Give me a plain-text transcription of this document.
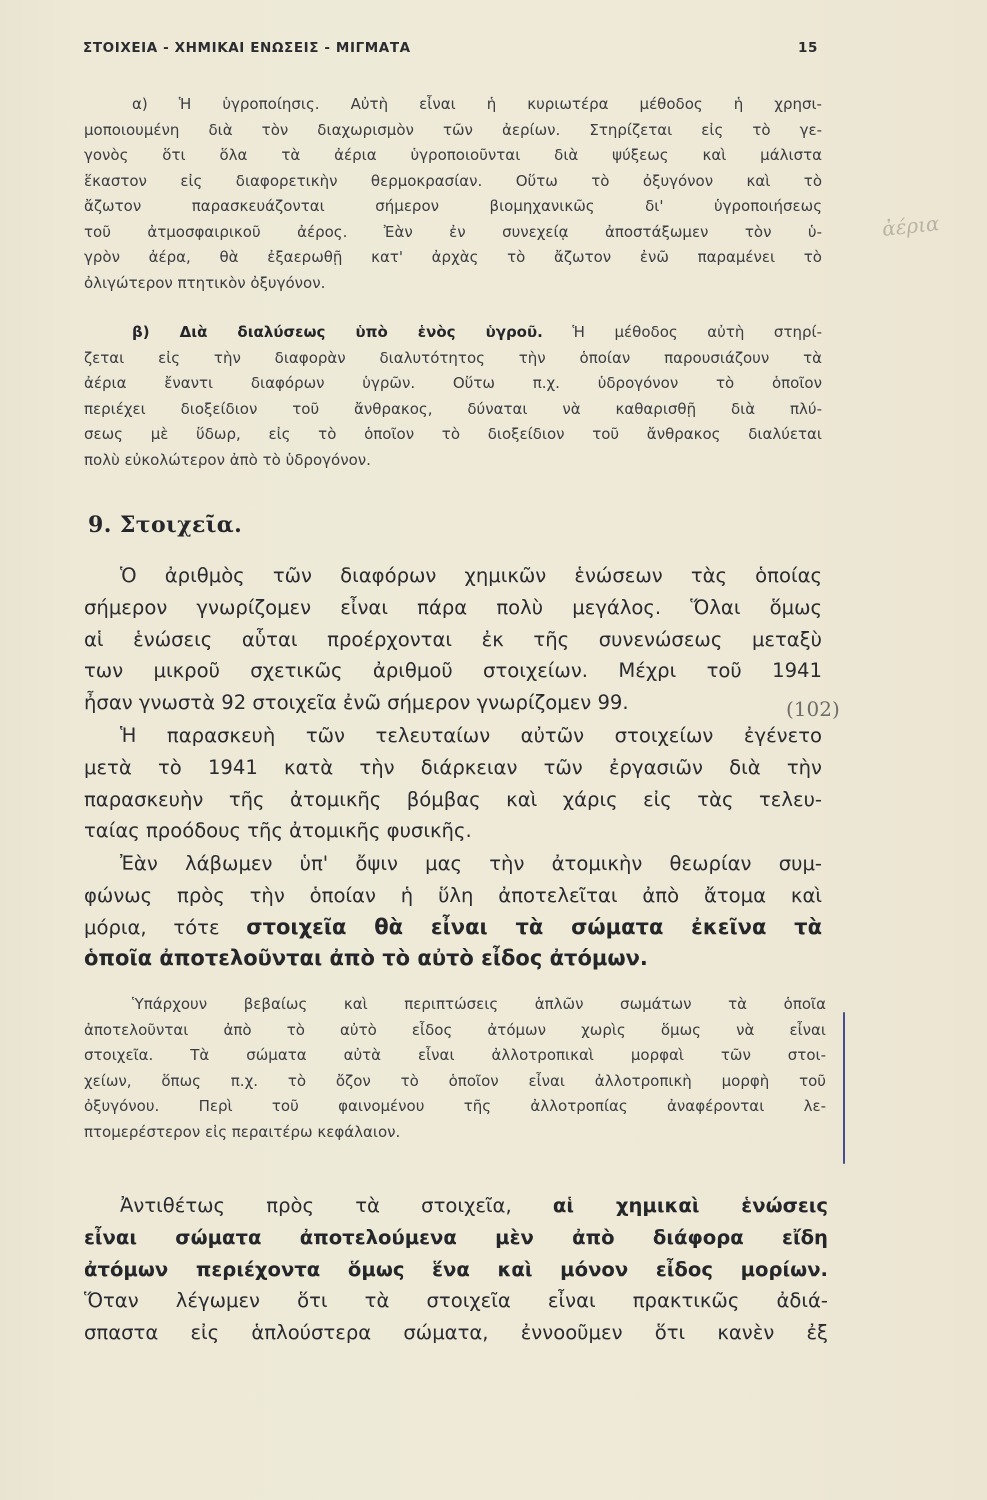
ΣΤΟΙΧΕΙΑ - ΧΗΜΙΚΑΙ ΕΝΩΣΕΙΣ - ΜΙΓΜΑΤΑ	15
α) Ἡ ὑγροποίησις. Αὐτὴ εἶναι ἡ κυριωτέρα μέθοδος ἡ χρησι-
μοποιουμένη διὰ τὸν διαχωρισμὸν τῶν ἀερίων. Στηρίζεται εἰς τὸ γε-
γονὸς ὅτι ὅλα τὰ ἀέρια ὑγροποιοῦνται διὰ ψύξεως καὶ μάλιστα
ἕκαστον εἰς διαφορετικὴν θερμοκρασίαν. Οὕτω τὸ ὀξυγόνον καὶ τὸ
ἄζωτον παρασκευάζονται σήμερον βιομηχανικῶς δι' ὑγροποιήσεως
τοῦ ἀτμοσφαιρικοῦ ἀέρος. Ἐὰν ἐν συνεχείᾳ ἀποστάξωμεν τὸν ὑ-
γρὸν ἀέρα, θὰ ἐξαερωθῇ κατ' ἀρχὰς τὸ ἄζωτον ἐνῶ παραμένει τὸ
ὀλιγώτερον πτητικὸν ὀξυγόνον.
β) Διὰ διαλύσεως ὑπὸ ἑνὸς ὑγροῦ. Ἡ μέθοδος αὐτὴ στηρί-
ζεται εἰς τὴν διαφορὰν διαλυτότητος τὴν ὁποίαν παρουσιάζουν τὰ
ἀέρια ἔναντι διαφόρων ὑγρῶν. Οὕτω π.χ. ὑδρογόνον τὸ ὁποῖον
περιέχει διοξείδιον τοῦ ἄνθρακος, δύναται νὰ καθαρισθῇ διὰ πλύ-
σεως μὲ ὕδωρ, εἰς τὸ ὁποῖον τὸ διοξείδιον τοῦ ἄνθρακος διαλύεται
πολὺ εὐκολώτερον ἀπὸ τὸ ὑδρογόνον.
9. Στοιχεῖα.
Ὁ ἀριθμὸς τῶν διαφόρων χημικῶν ἑνώσεων τὰς ὁποίας
σήμερον γνωρίζομεν εἶναι πάρα πολὺ μεγάλος. Ὅλαι ὅμως
αἱ ἑνώσεις αὗται προέρχονται ἐκ τῆς συνενώσεως μεταξὺ
των μικροῦ σχετικῶς ἀριθμοῦ στοιχείων. Μέχρι τοῦ 1941
ἦσαν γνωστὰ 92 στοιχεῖα ἐνῶ σήμερον γνωρίζομεν 99.
Ἡ παρασκευὴ τῶν τελευταίων αὐτῶν στοιχείων ἐγένετο
μετὰ τὸ 1941 κατὰ τὴν διάρκειαν τῶν ἐργασιῶν διὰ τὴν
παρασκευὴν τῆς ἀτομικῆς βόμβας καὶ χάρις εἰς τὰς τελευ-
ταίας προόδους τῆς ἀτομικῆς φυσικῆς.
Ἐὰν λάβωμεν ὑπ' ὄψιν μας τὴν ἀτομικὴν θεωρίαν συμ-
φώνως πρὸς τὴν ὁποίαν ἡ ὕλη ἀποτελεῖται ἀπὸ ἄτομα καὶ
μόρια, τότε στοιχεῖα θὰ εἶναι τὰ σώματα ἐκεῖνα τὰ
ὁποῖα ἀποτελοῦνται ἀπὸ τὸ αὐτὸ εἶδος ἀτόμων.
Ὑπάρχουν βεβαίως καὶ περιπτώσεις ἁπλῶν σωμάτων τὰ ὁποῖα
ἀποτελοῦνται ἀπὸ τὸ αὐτὸ εἶδος ἀτόμων χωρὶς ὅμως νὰ εἶναι
στοιχεῖα. Τὰ σώματα αὐτὰ εἶναι ἀλλοτροπικαὶ μορφαὶ τῶν στοι-
χείων, ὅπως π.χ. τὸ ὄζον τὸ ὁποῖον εἶναι ἀλλοτροπικὴ μορφὴ τοῦ
ὀξυγόνου. Περὶ τοῦ φαινομένου τῆς ἀλλοτροπίας ἀναφέρονται λε-
πτομερέστερον εἰς περαιτέρω κεφάλαιον.
Ἀντιθέτως πρὸς τὰ στοιχεῖα, αἱ χημικαὶ ἑνώσεις
εἶναι σώματα ἀποτελούμενα μὲν ἀπὸ διάφορα εἴδη
ἀτόμων περιέχοντα ὅμως ἕνα καὶ μόνον εἶδος μορίων.
Ὅταν λέγωμεν ὅτι τὰ στοιχεῖα εἶναι πρακτικῶς ἀδιά-
σπαστα εἰς ἁπλούστερα σώματα, ἐννοοῦμεν ὅτι κανὲν ἐξ
ἀέρια
(102)
